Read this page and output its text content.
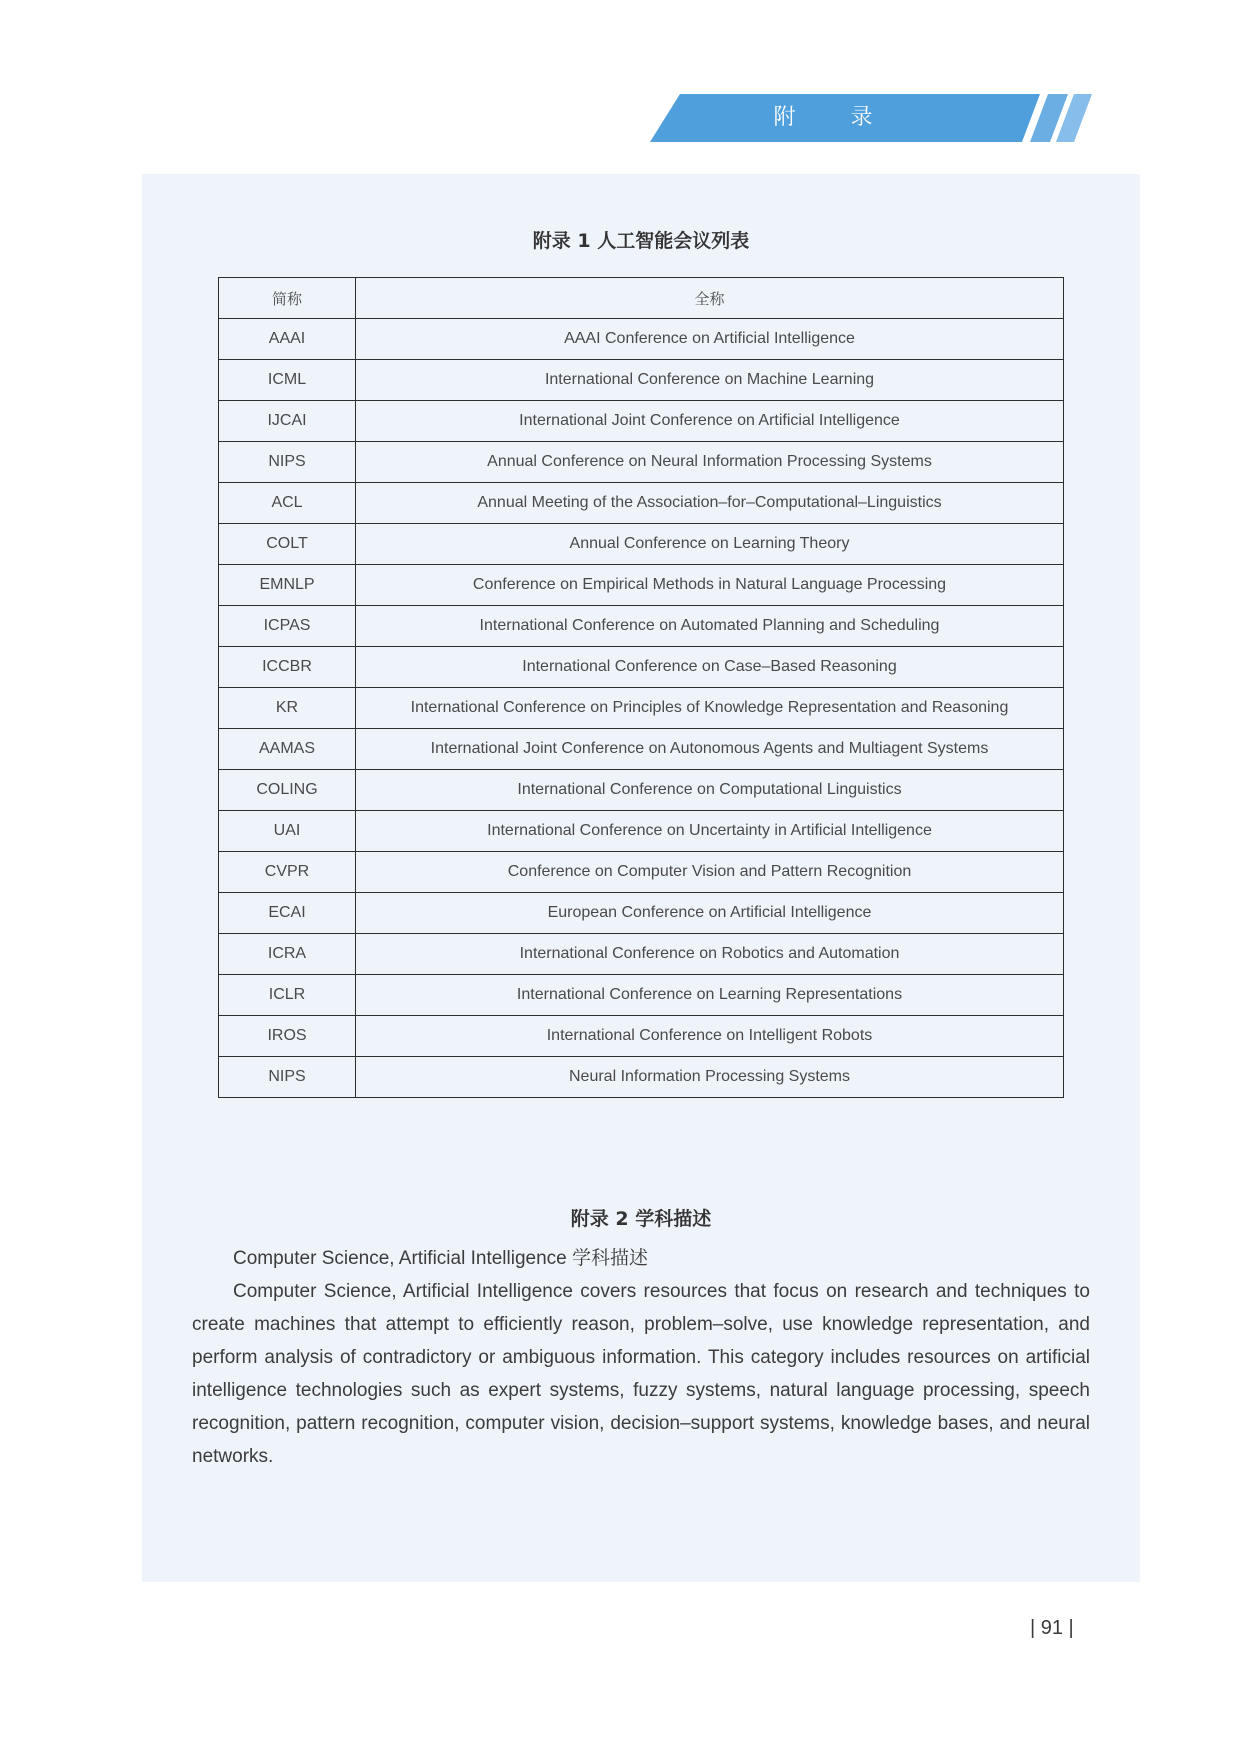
附 录
附录 1 人工智能会议列表
简称	全称
AAAI	AAAI Conference on Artificial Intelligence
ICML	International Conference on Machine Learning
IJCAI	International Joint Conference on Artificial Intelligence
NIPS	Annual Conference on Neural Information Processing Systems
ACL	Annual Meeting of the Association–for–Computational–Linguistics
COLT	Annual Conference on Learning Theory
EMNLP	Conference on Empirical Methods in Natural Language Processing
ICPAS	International Conference on Automated Planning and Scheduling
ICCBR	International Conference on Case–Based Reasoning
KR	International Conference on Principles of Knowledge Representation and Reasoning
AAMAS	International Joint Conference on Autonomous Agents and Multiagent Systems
COLING	International Conference on Computational Linguistics
UAI	International Conference on Uncertainty in Artificial Intelligence
CVPR	Conference on Computer Vision and Pattern Recognition
ECAI	European Conference on Artificial Intelligence
ICRA	International Conference on Robotics and Automation
ICLR	International Conference on Learning Representations
IROS	International Conference on Intelligent Robots
NIPS	Neural Information Processing Systems
附录 2 学科描述
Computer Science, Artificial Intelligence 学科描述
Computer Science, Artificial Intelligence covers resources that focus on research and techniques to create machines that attempt to efficiently reason, problem–solve, use knowledge representation, and perform analysis of contradictory or ambiguous information. This category includes resources on artificial intelligence technologies such as expert systems, fuzzy systems, natural language processing, speech recognition, pattern recognition, computer vision, decision–support systems, knowledge bases, and neural networks.
| 91 |
